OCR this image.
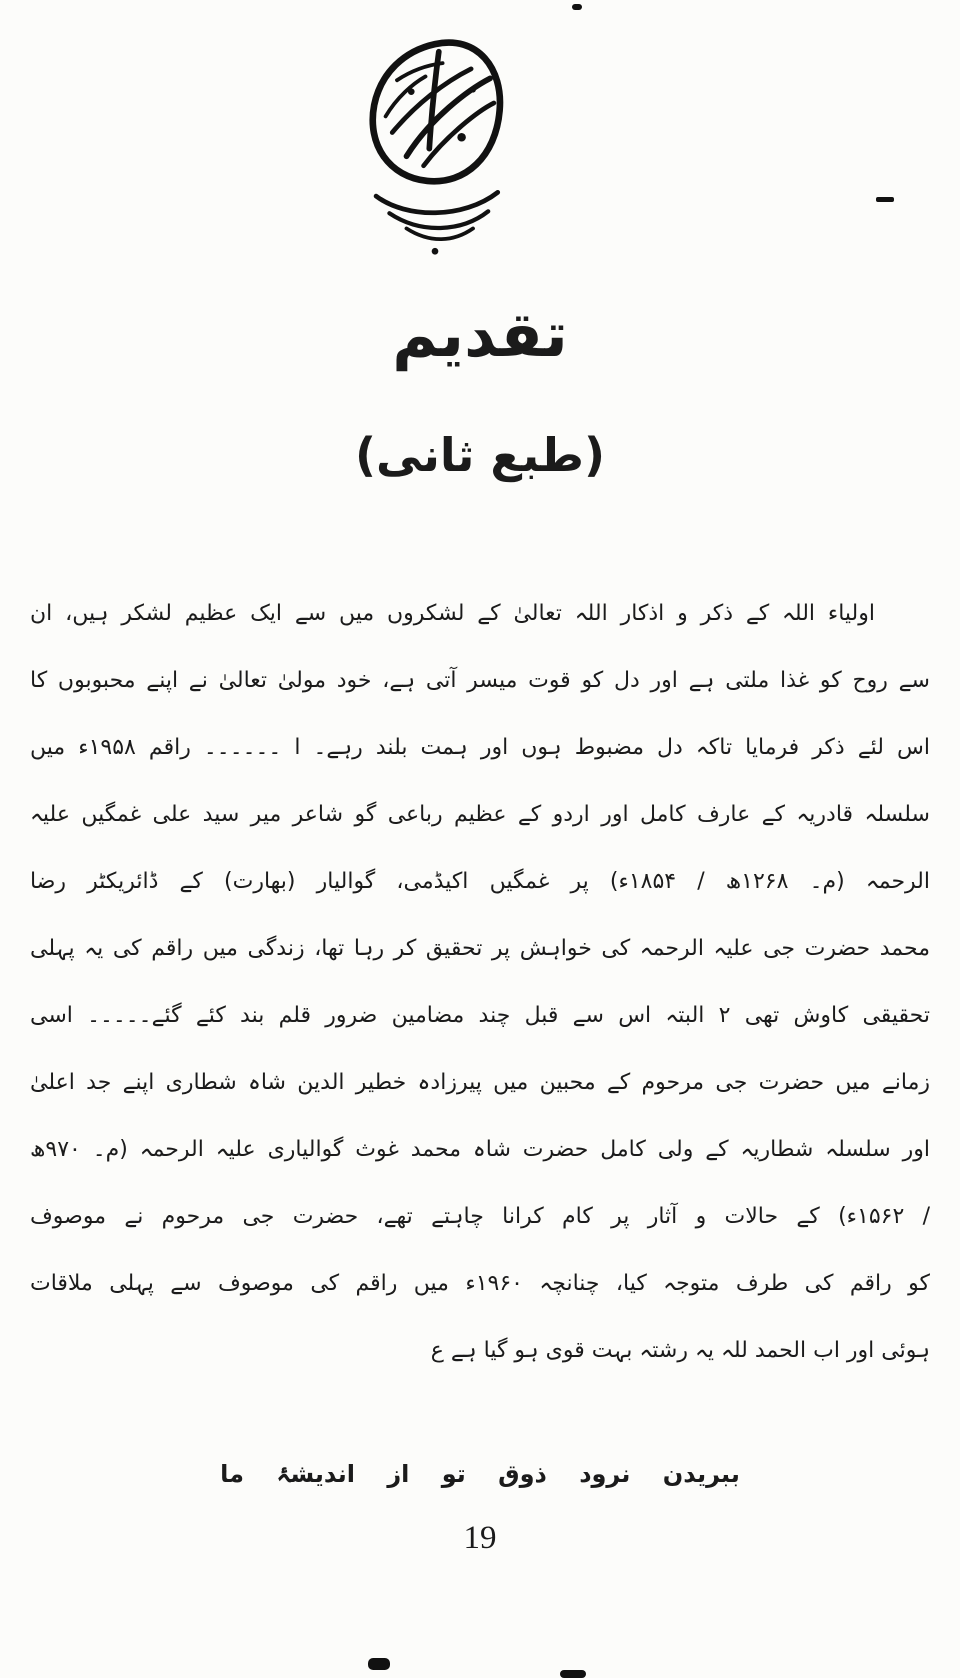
تقدیم
(طبع ثانی)
اولیاء اللہ کے ذکر و اذکار اللہ تعالیٰ کے لشکروں میں سے ایک عظیم لشکر ہیں، ان
سے روح کو غذا ملتی ہے اور دل کو قوت میسر آتی ہے، خود مولیٰ تعالیٰ نے اپنے محبوبوں کا
اس لئے ذکر فرمایا تاکہ دل مضبوط ہوں اور ہمت بلند رہے۔ ا ۔۔۔۔۔۔ راقم ۱۹۵۸ء میں
سلسلہ قادریہ کے عارف کامل اور اردو کے عظیم رباعی گو شاعر میر سید علی غمگیں علیہ
الرحمہ (م۔ ۱۲۶۸ھ / ۱۸۵۴ء) پر غمگیں اکیڈمی، گوالیار (بھارت) کے ڈائریکٹر رضا
محمد حضرت جی علیہ الرحمہ کی خواہش پر تحقیق کر رہا تھا، زندگی میں راقم کی یہ پہلی
تحقیقی کاوش تھی ۲ البتہ اس سے قبل چند مضامین ضرور قلم بند کئے گئے۔۔۔۔۔ اسی
زمانے میں حضرت جی مرحوم کے محبین میں پیرزادہ خطیر الدین شاہ شطاری اپنے جد اعلیٰ
اور سلسلہ شطاریہ کے ولی کامل حضرت شاہ محمد غوث گوالیاری علیہ الرحمہ (م۔ ۹۷۰ھ
/ ۱۵۶۲ء) کے حالات و آثار پر کام کرانا چاہتے تھے، حضرت جی مرحوم نے موصوف
کو راقم کی طرف متوجہ کیا، چنانچہ ۱۹۶۰ء میں راقم کی موصوف سے پہلی ملاقات
ہوئی اور اب الحمد للہ یہ رشتہ بہت قوی ہو گیا ہے ع
ببریدن نرود ذوق تو از اندیشۂ ما
19
